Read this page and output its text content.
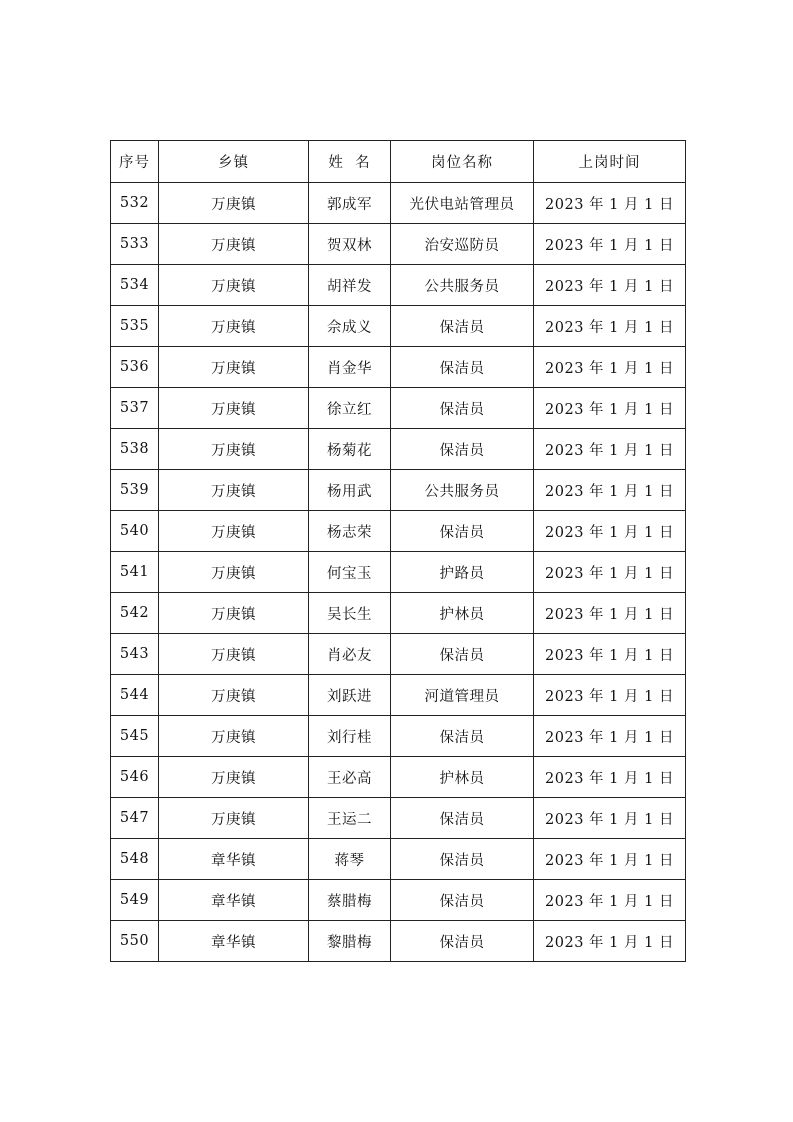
序号	乡镇	姓  名	岗位名称	上岗时间
532	万庚镇	郭成军	光伏电站管理员	2023 年 1 月 1 日
533	万庚镇	贺双林	治安巡防员	2023 年 1 月 1 日
534	万庚镇	胡祥发	公共服务员	2023 年 1 月 1 日
535	万庚镇	佘成义	保洁员	2023 年 1 月 1 日
536	万庚镇	肖金华	保洁员	2023 年 1 月 1 日
537	万庚镇	徐立红	保洁员	2023 年 1 月 1 日
538	万庚镇	杨菊花	保洁员	2023 年 1 月 1 日
539	万庚镇	杨用武	公共服务员	2023 年 1 月 1 日
540	万庚镇	杨志荣	保洁员	2023 年 1 月 1 日
541	万庚镇	何宝玉	护路员	2023 年 1 月 1 日
542	万庚镇	吴长生	护林员	2023 年 1 月 1 日
543	万庚镇	肖必友	保洁员	2023 年 1 月 1 日
544	万庚镇	刘跃进	河道管理员	2023 年 1 月 1 日
545	万庚镇	刘行桂	保洁员	2023 年 1 月 1 日
546	万庚镇	王必高	护林员	2023 年 1 月 1 日
547	万庚镇	王运二	保洁员	2023 年 1 月 1 日
548	章华镇	蒋琴	保洁员	2023 年 1 月 1 日
549	章华镇	蔡腊梅	保洁员	2023 年 1 月 1 日
550	章华镇	黎腊梅	保洁员	2023 年 1 月 1 日
